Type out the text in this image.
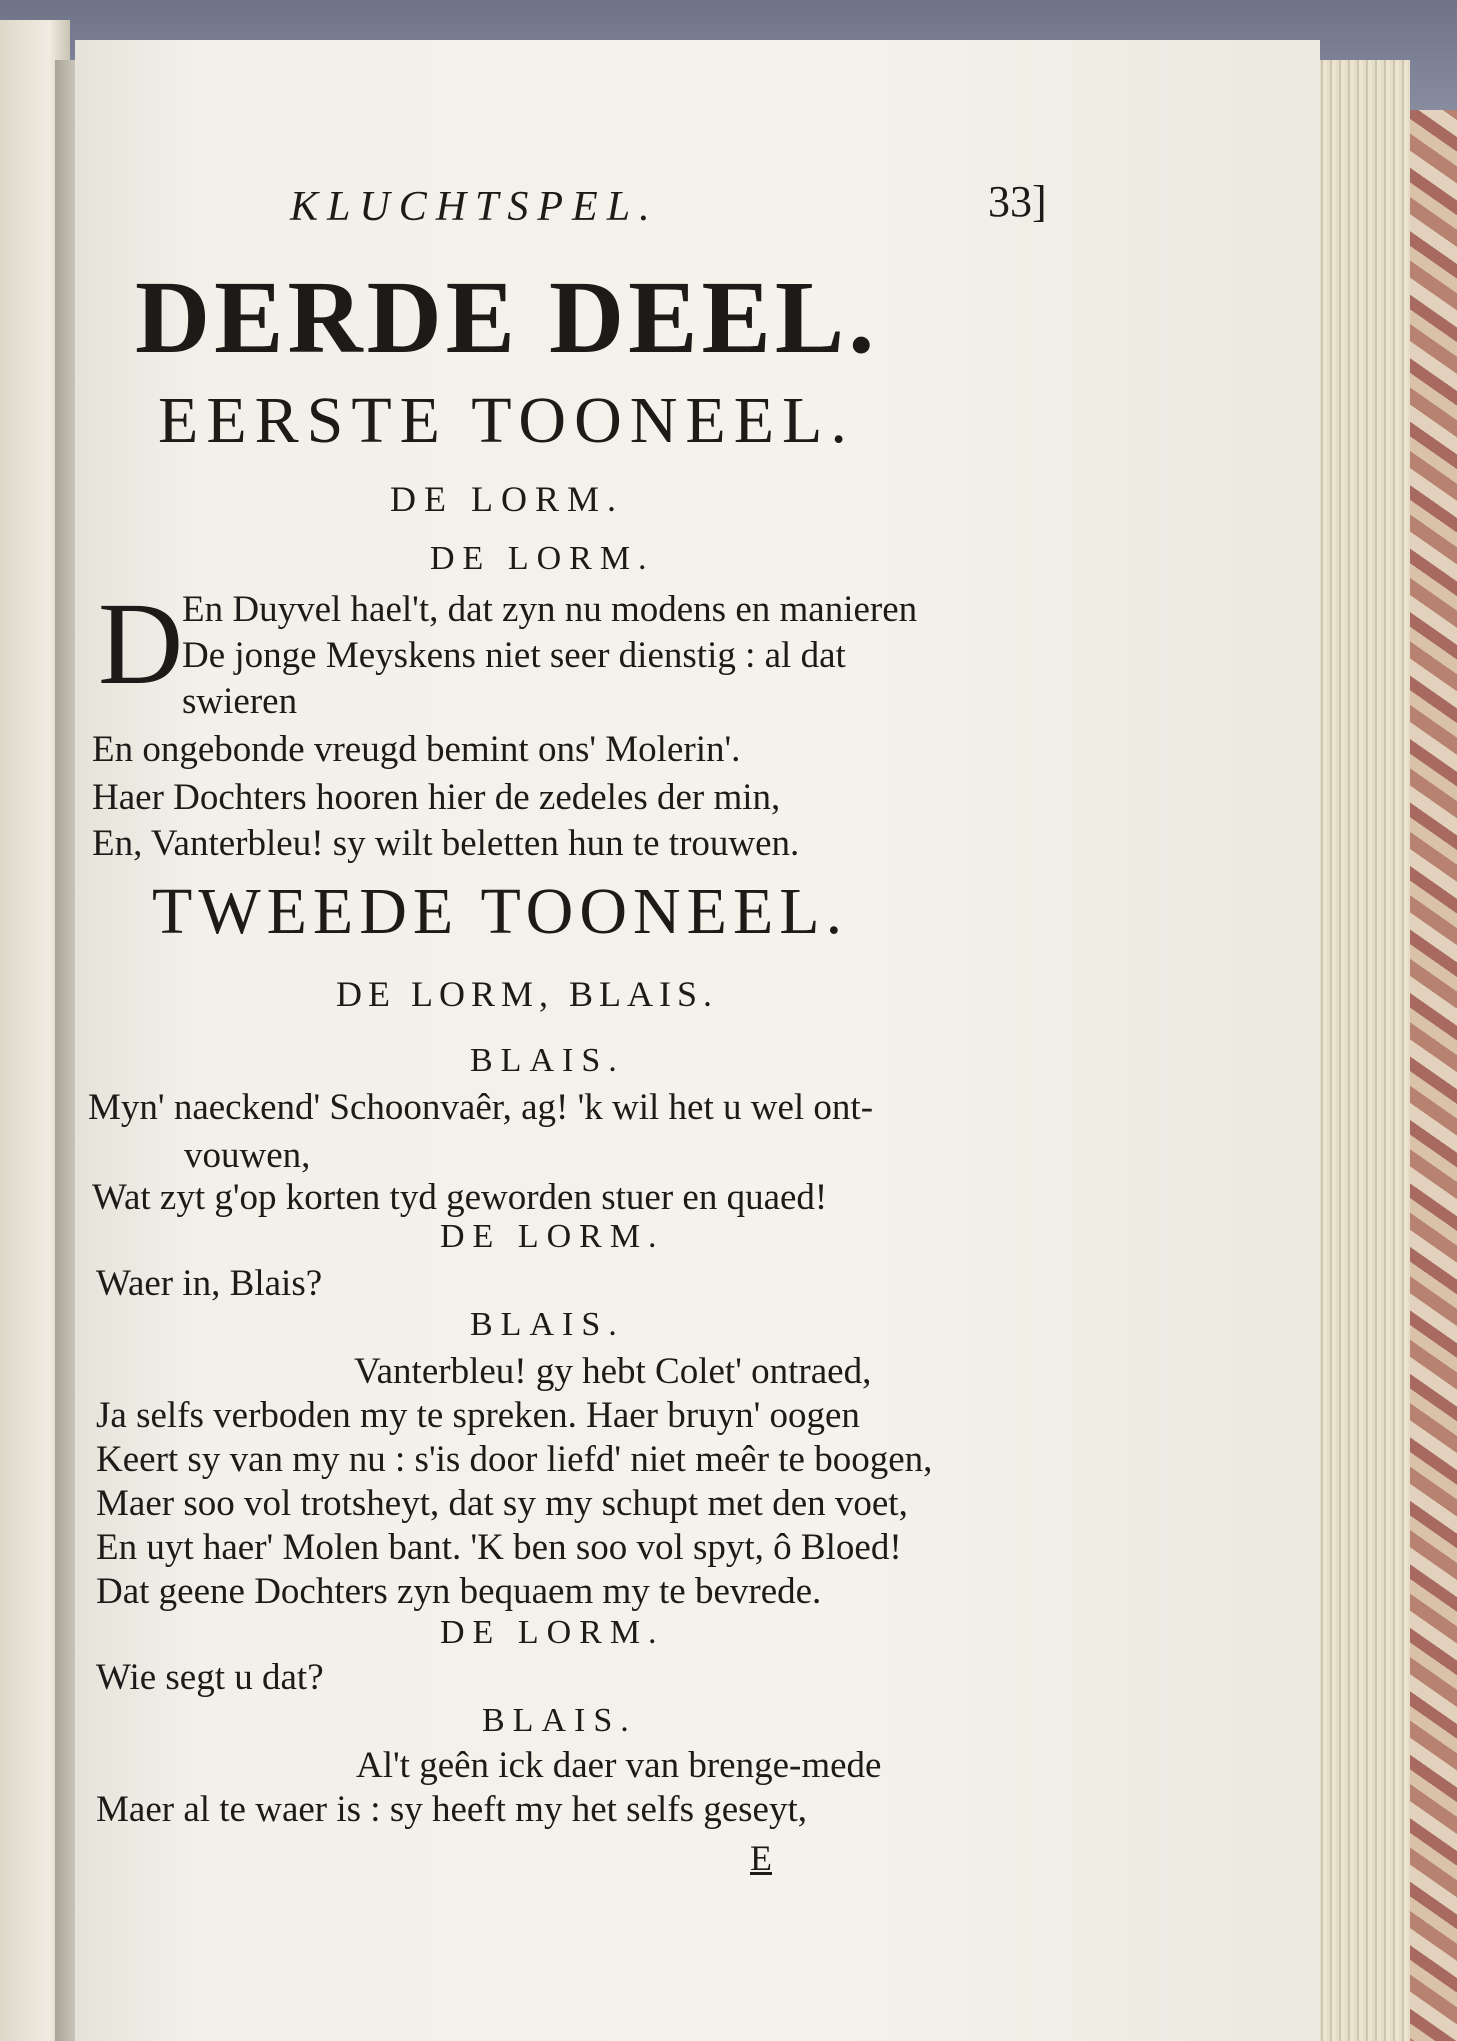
KLUCHTSPEL.	33]
DERDE DEEL.
EERSTE TOONEEL.
DE LORM.
DE LORM.
D
En Duyvel hael't, dat zyn nu modens en manieren
De jonge Meyskens niet seer dienstig : al dat
swieren
En ongebonde vreugd bemint ons' Molerin'.
Haer Dochters hooren hier de zedeles der min,
En, Vanterbleu! sy wilt beletten hun te trouwen.
TWEEDE TOONEEL.
DE LORM, BLAIS.
BLAIS.
Myn' naeckend' Schoonvaêr, ag! 'k wil het u wel ont-
vouwen,
Wat zyt g'op korten tyd geworden stuer en quaed!
DE LORM.
Waer in, Blais?
BLAIS.
Vanterbleu! gy hebt Colet' ontraed,
Ja selfs verboden my te spreken. Haer bruyn' oogen
Keert sy van my nu : s'is door liefd' niet meêr te boogen,
Maer soo vol trotsheyt, dat sy my schupt met den voet,
En uyt haer' Molen bant. 'K ben soo vol spyt, ô Bloed!
Dat geene Dochters zyn bequaem my te bevrede.
DE LORM.
Wie segt u dat?
BLAIS.
Al't geên ick daer van brenge-mede
Maer al te waer is : sy heeft my het selfs geseyt,
E
